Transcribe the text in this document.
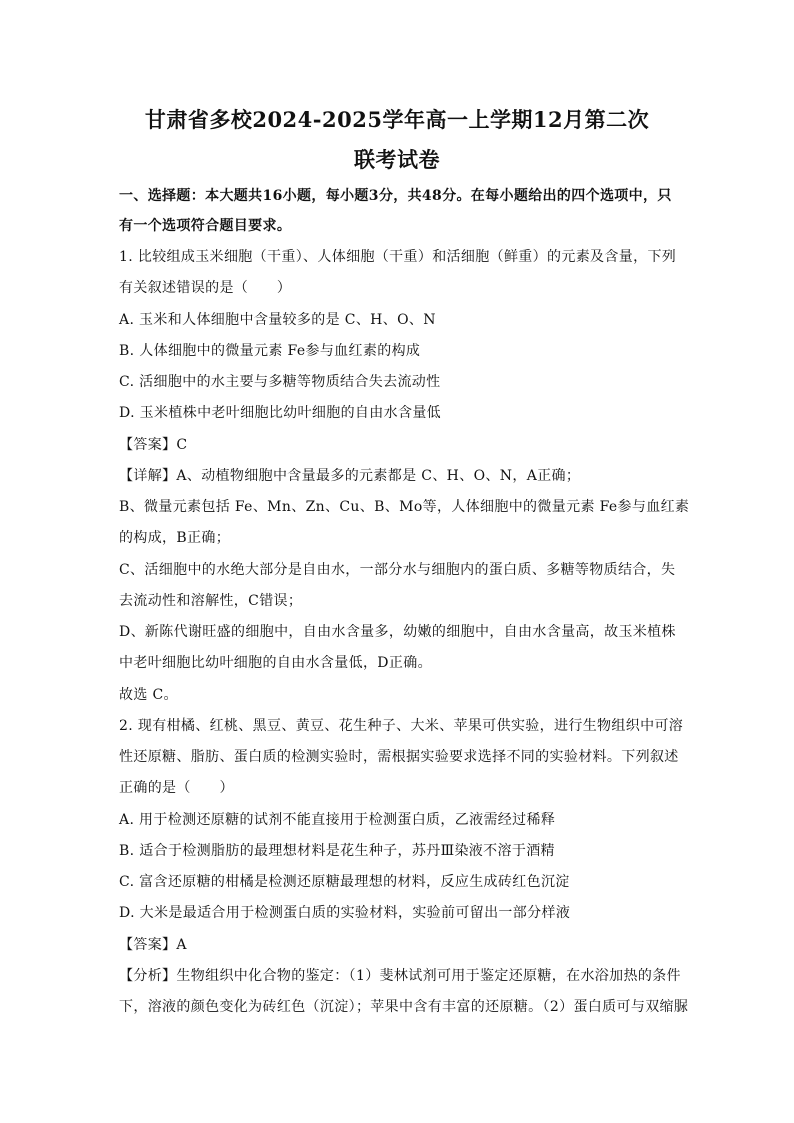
甘肃省多校2024-2025学年高一上学期12月第二次
联考试卷
一、选择题：本大题共16小题，每小题3分，共48分。在每小题给出的四个选项中，只
有一个选项符合题目要求。
1. 比较组成玉米细胞（干重）、人体细胞（干重）和活细胞（鲜重）的元素及含量，下列
有关叙述错误的是（　　）
A. 玉米和人体细胞中含量较多的是 C、H、O、N
B. 人体细胞中的微量元素 Fe参与血红素的构成
C. 活细胞中的水主要与多糖等物质结合失去流动性
D. 玉米植株中老叶细胞比幼叶细胞的自由水含量低
【答案】C
【详解】A、动植物细胞中含量最多的元素都是 C、H、O、N，A正确；
B、微量元素包括 Fe、Mn、Zn、Cu、B、Mo等，人体细胞中的微量元素 Fe参与血红素
的构成，B正确；
C、活细胞中的水绝大部分是自由水，一部分水与细胞内的蛋白质、多糖等物质结合，失
去流动性和溶解性，C错误；
D、新陈代谢旺盛的细胞中，自由水含量多，幼嫩的细胞中，自由水含量高，故玉米植株
中老叶细胞比幼叶细胞的自由水含量低，D正确。
故选 C。
2. 现有柑橘、红桃、黑豆、黄豆、花生种子、大米、苹果可供实验，进行生物组织中可溶
性还原糖、脂肪、蛋白质的检测实验时，需根据实验要求选择不同的实验材料。下列叙述
正确的是（　　）
A. 用于检测还原糖的试剂不能直接用于检测蛋白质，乙液需经过稀释
B. 适合于检测脂肪的最理想材料是花生种子，苏丹Ⅲ染液不溶于酒精
C. 富含还原糖的柑橘是检测还原糖最理想的材料，反应生成砖红色沉淀
D. 大米是最适合用于检测蛋白质的实验材料，实验前可留出一部分样液
【答案】A
【分析】生物组织中化合物的鉴定：（1）斐林试剂可用于鉴定还原糖，在水浴加热的条件
下，溶液的颜色变化为砖红色（沉淀）；苹果中含有丰富的还原糖。（2）蛋白质可与双缩脲
